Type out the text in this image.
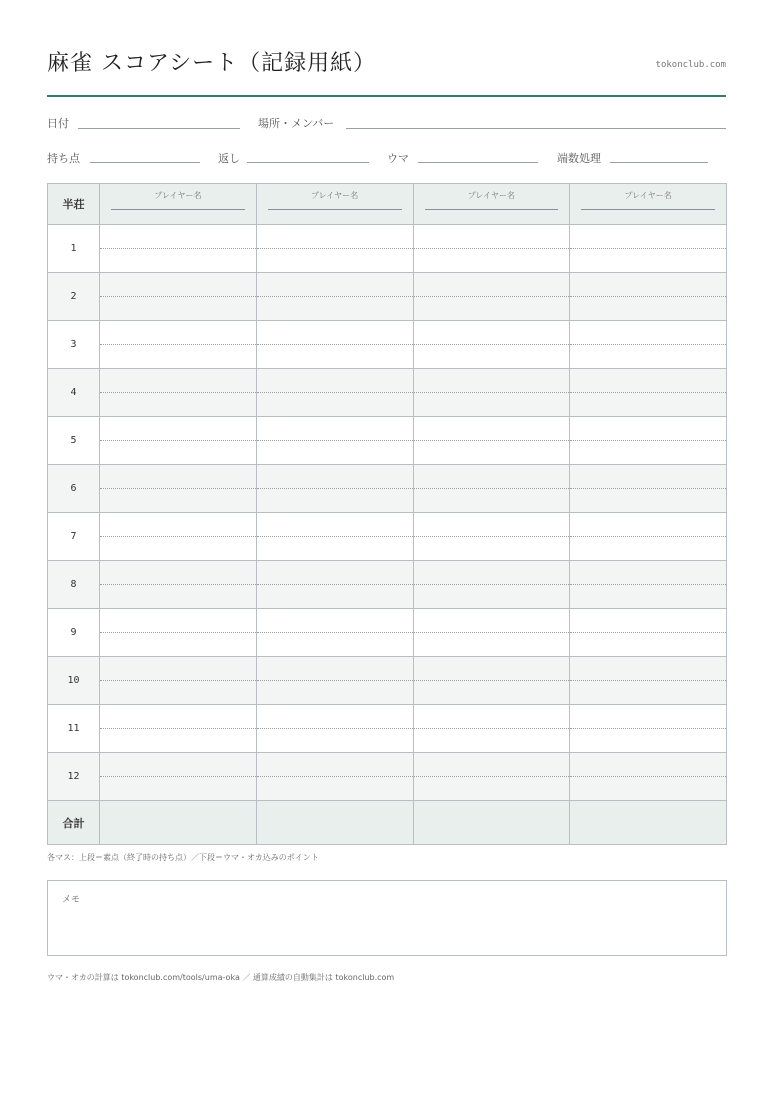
麻雀 スコアシート（記録用紙）	tokonclub.com
日付	場所・メンバー
持ち点	返し	ウマ	端数処理
半荘	プレイヤー名	プレイヤー名	プレイヤー名	プレイヤー名

1	

2	

3	

4	

5	

6	

7	

8	

9	

10	

11	

12	

合計				
各マス：上段＝素点（終了時の持ち点）／下段＝ウマ・オカ込みのポイント
メモ
ウマ・オカの計算は tokonclub.com/tools/uma-oka ／ 通算成績の自動集計は tokonclub.com
